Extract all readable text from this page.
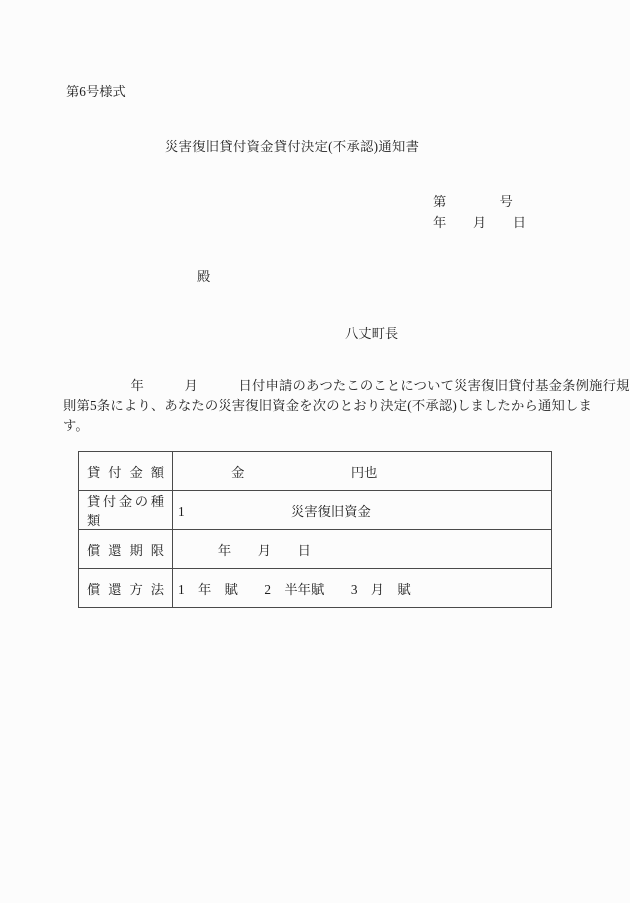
第6号様式
災害復旧貸付資金貸付決定(不承認)通知書
第　　　　号
年　　月　　日
殿
八丈町長
　　　　　年　　　月　　　日付申請のあつたこのことについて災害復旧貸付基金条例施行規
則第5条により、あなたの災害復旧資金を次のとおり決定(不承認)しましたから通知しま
す。
貸付金額	　　　　金　　　　　　　　円也
貸付金の種類	1　　　　　　　　災害復旧資金
償還期限	　　　年　　月　　日
償還方法	1　年　賦　　2　半年賦　　3　月　賦
